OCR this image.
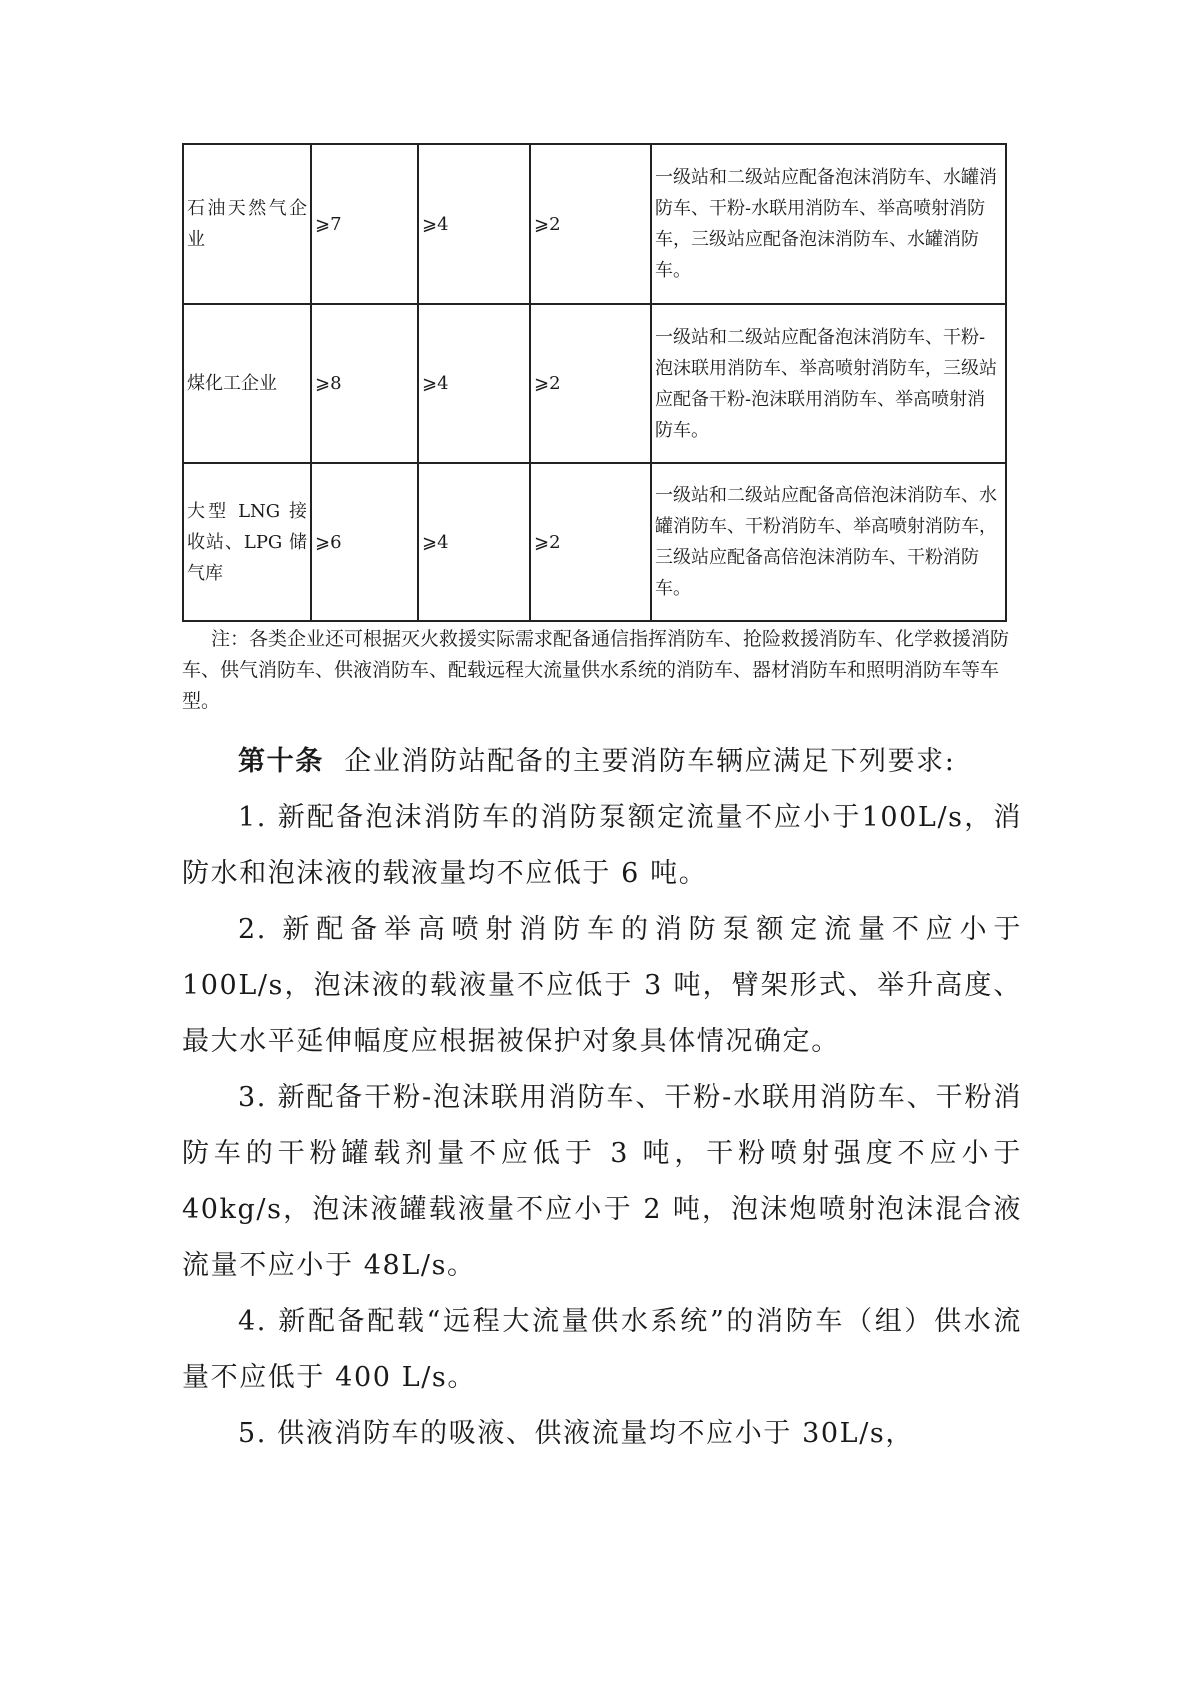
石油天然气企业	⩾7	⩾4	⩾2	一级站和二级站应配备泡沫消防车、水罐消防车、干粉-水联用消防车、举高喷射消防车，三级站应配备泡沫消防车、水罐消防车。
煤化工企业	⩾8	⩾4	⩾2	一级站和二级站应配备泡沫消防车、干粉-泡沫联用消防车、举高喷射消防车，三级站应配备干粉-泡沫联用消防车、举高喷射消防车。
大型 LNG 接收站、LPG 储气库	⩾6	⩾4	⩾2	一级站和二级站应配备高倍泡沫消防车、水罐消防车、干粉消防车、举高喷射消防车，三级站应配备高倍泡沫消防车、干粉消防车。

注：各类企业还可根据灭火救援实际需求配备通信指挥消防车、抢险救援消防车、化学救援消防车、供气消防车、供液消防车、配载远程大流量供水系统的消防车、器材消防车和照明消防车等车型。

第十条 企业消防站配备的主要消防车辆应满足下列要求:

1. 新配备泡沫消防车的消防泵额定流量不应小于100L/s，消防水和泡沫液的载液量均不应低于 6 吨。

2. 新配备举高喷射消防车的消防泵额定流量不应小于100L/s，泡沫液的载液量不应低于 3 吨，臂架形式、举升高度、最大水平延伸幅度应根据被保护对象具体情况确定。

3. 新配备干粉-泡沫联用消防车、干粉-水联用消防车、干粉消防车的干粉罐载剂量不应低于 3 吨，干粉喷射强度不应小于 40kg/s，泡沫液罐载液量不应小于 2 吨，泡沫炮喷射泡沫混合液流量不应小于 48L/s。

4. 新配备配载“远程大流量供水系统”的消防车（组）供水流量不应低于 400 L/s。

5. 供液消防车的吸液、供液流量均不应小于 30L/s，
